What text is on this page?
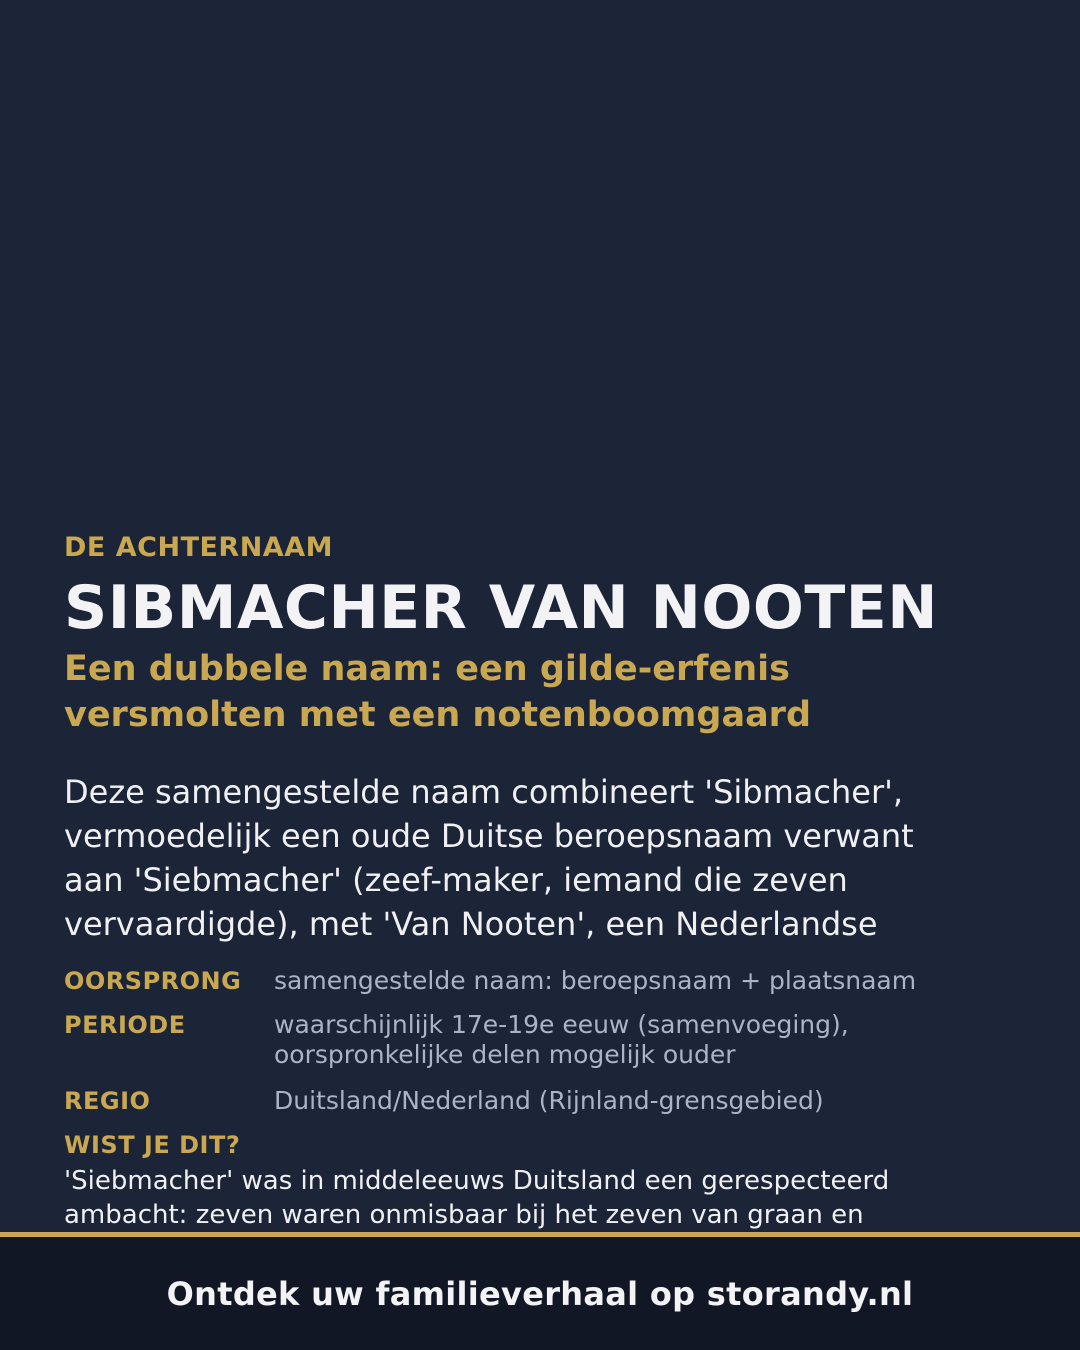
DE ACHTERNAAM
SIBMACHER VAN NOOTEN
Een dubbele naam: een gilde-erfenis
versmolten met een notenboomgaard
Deze samengestelde naam combineert 'Sibmacher',
vermoedelijk een oude Duitse beroepsnaam verwant
aan 'Siebmacher' (zeef-maker, iemand die zeven
vervaardigde), met 'Van Nooten', een Nederlandse
OORSPRONG	samengestelde naam: beroepsnaam + plaatsnaam
PERIODE	waarschijnlijk 17e-19e eeuw (samenvoeging),
oorspronkelijke delen mogelijk ouder
REGIO	Duitsland/Nederland (Rijnland-grensgebied)
WIST JE DIT?
'Siebmacher' was in middeleeuws Duitsland een gerespecteerd
ambacht: zeven waren onmisbaar bij het zeven van graan en
Ontdek uw familieverhaal op storandy.nl
